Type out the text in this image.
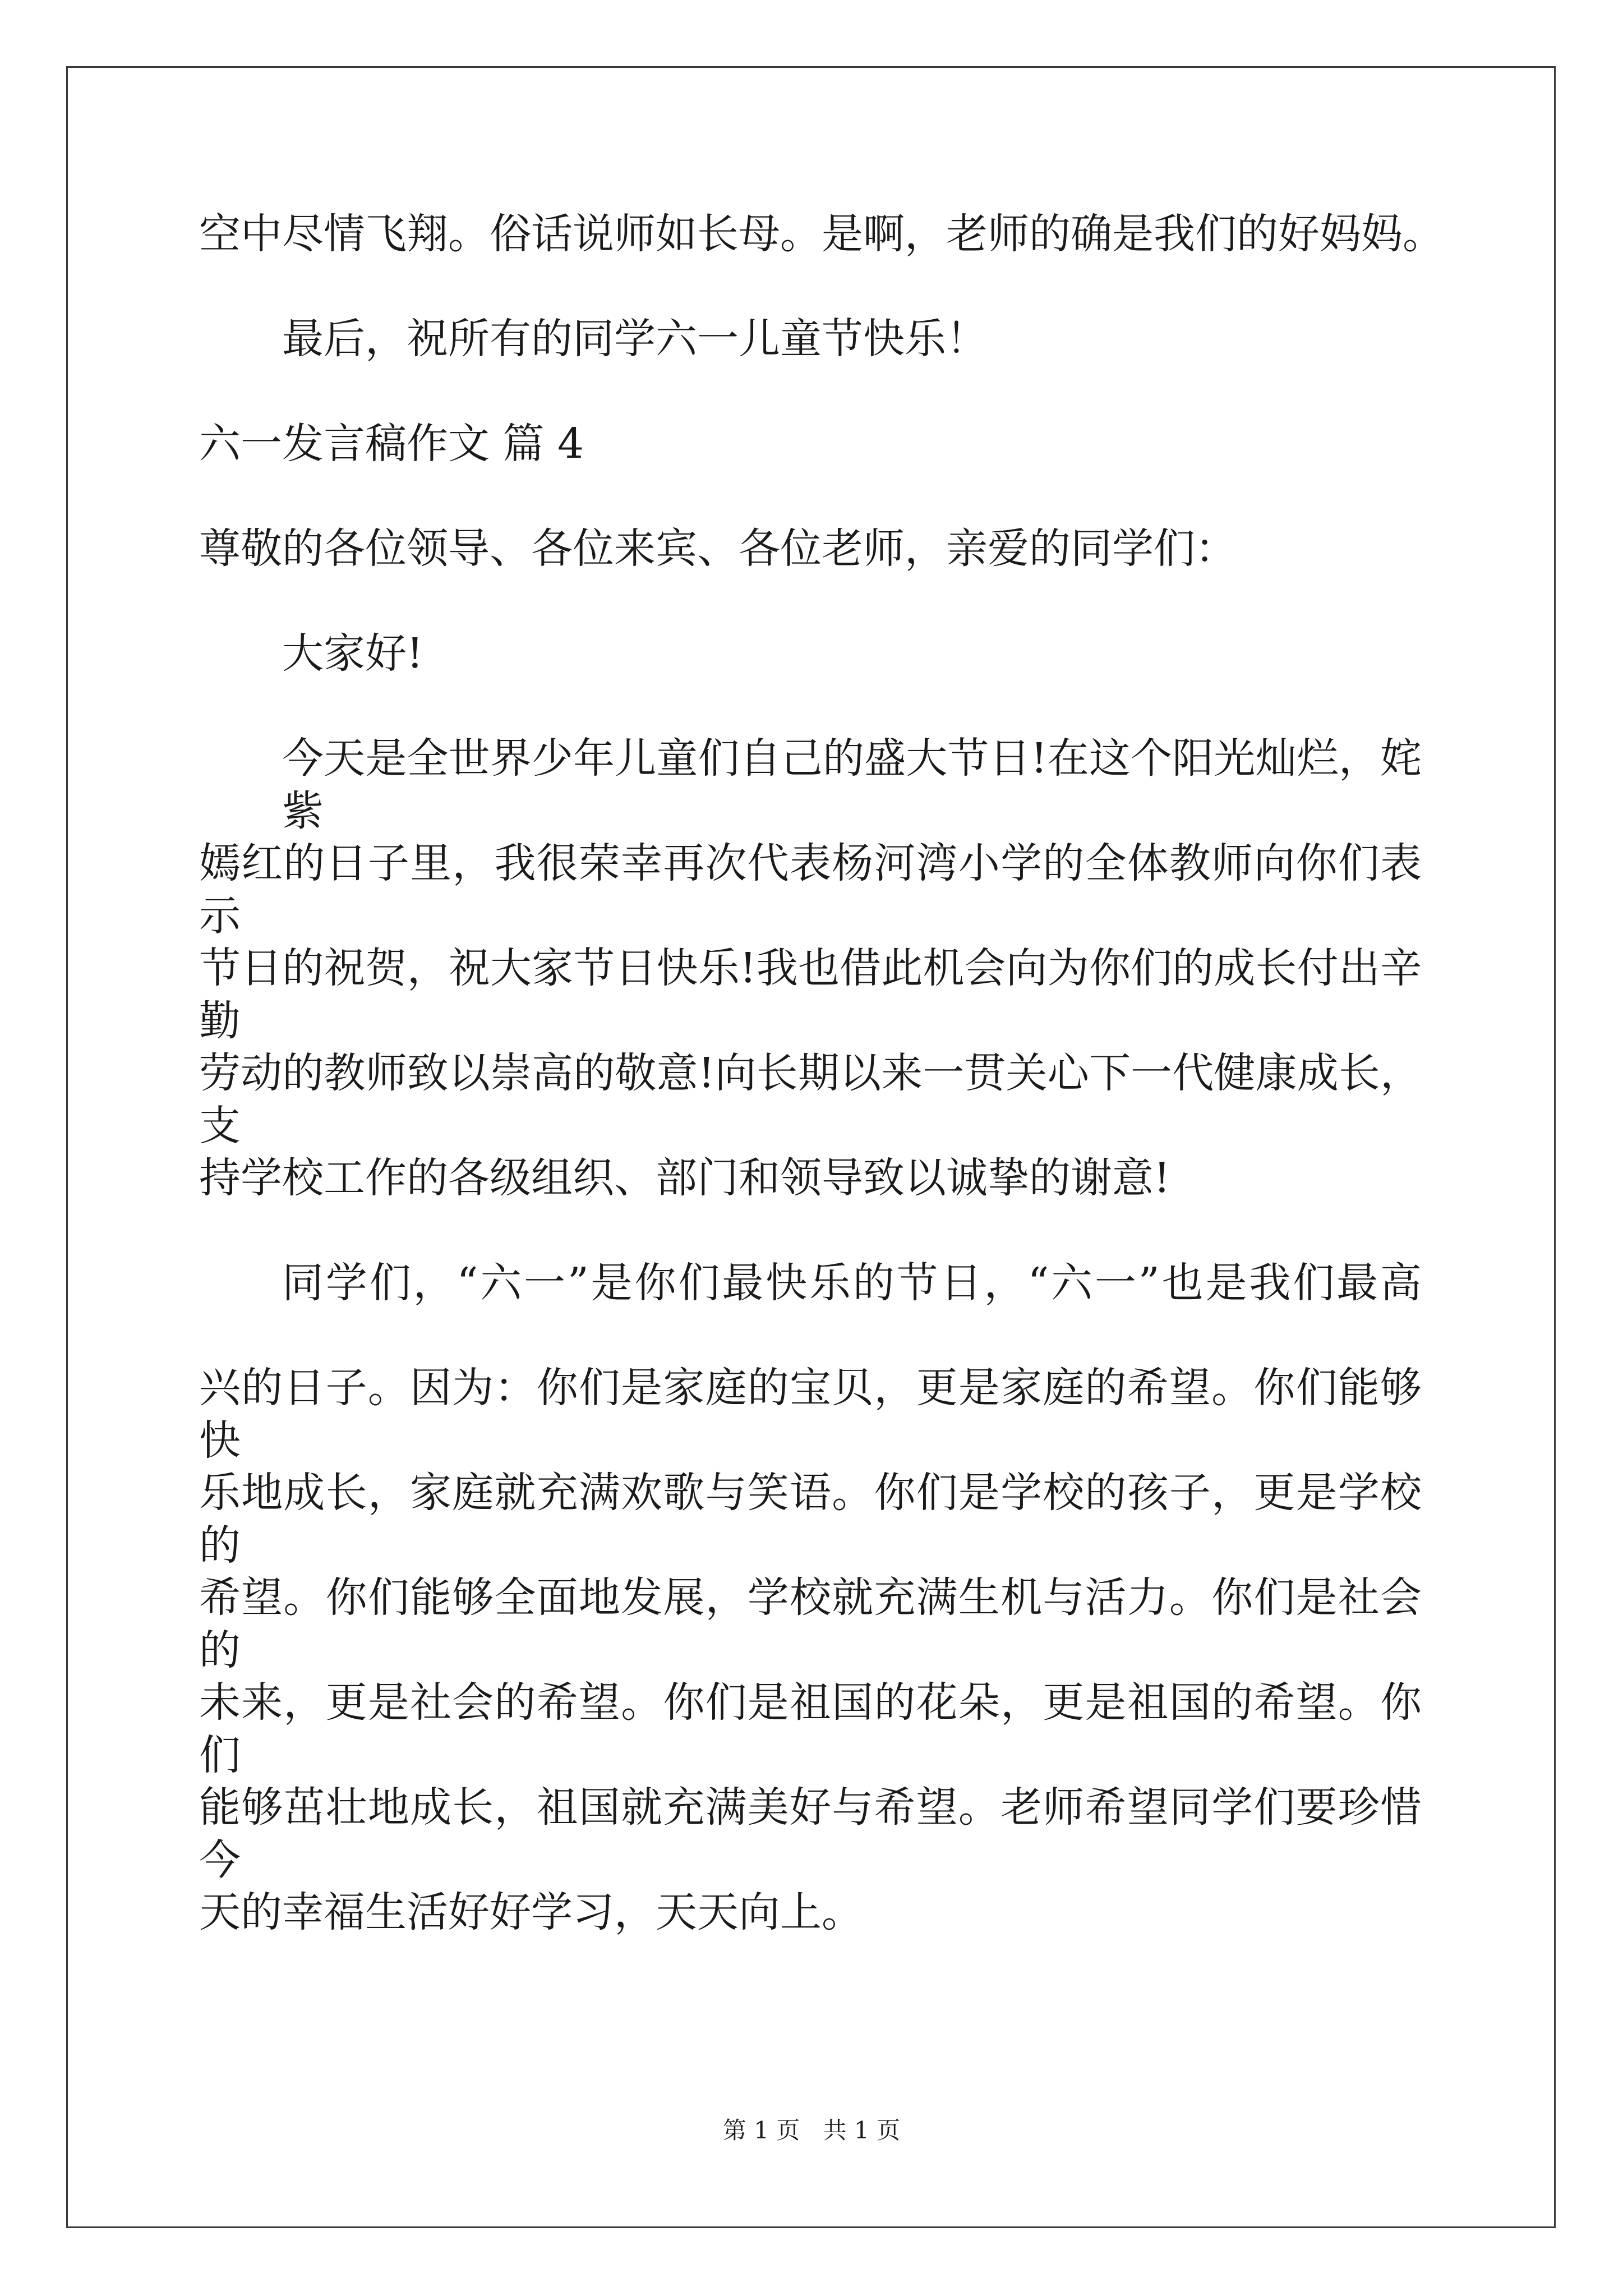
空中尽情飞翔。俗话说师如长母。是啊，老师的确是我们的好妈妈。
最后，祝所有的同学六一儿童节快乐！
六一发言稿作文 篇 4
尊敬的各位领导、各位来宾、各位老师，亲爱的同学们：
大家好!
今天是全世界少年儿童们自己的盛大节日!在这个阳光灿烂，姹紫
嫣红的日子里，我很荣幸再次代表杨河湾小学的全体教师向你们表示
节日的祝贺，祝大家节日快乐!我也借此机会向为你们的成长付出辛勤
劳动的教师致以崇高的敬意!向长期以来一贯关心下一代健康成长，支
持学校工作的各级组织、部门和领导致以诚挚的谢意!
同学们，“六一”是你们最快乐的节日，“六一”也是我们最高
兴的日子。因为：你们是家庭的宝贝，更是家庭的希望。你们能够快
乐地成长，家庭就充满欢歌与笑语。你们是学校的孩子，更是学校的
希望。你们能够全面地发展，学校就充满生机与活力。你们是社会的
未来，更是社会的希望。你们是祖国的花朵，更是祖国的希望。你们
能够茁壮地成长，祖国就充满美好与希望。老师希望同学们要珍惜今
天的幸福生活好好学习，天天向上。
第 1 页 共 1 页
